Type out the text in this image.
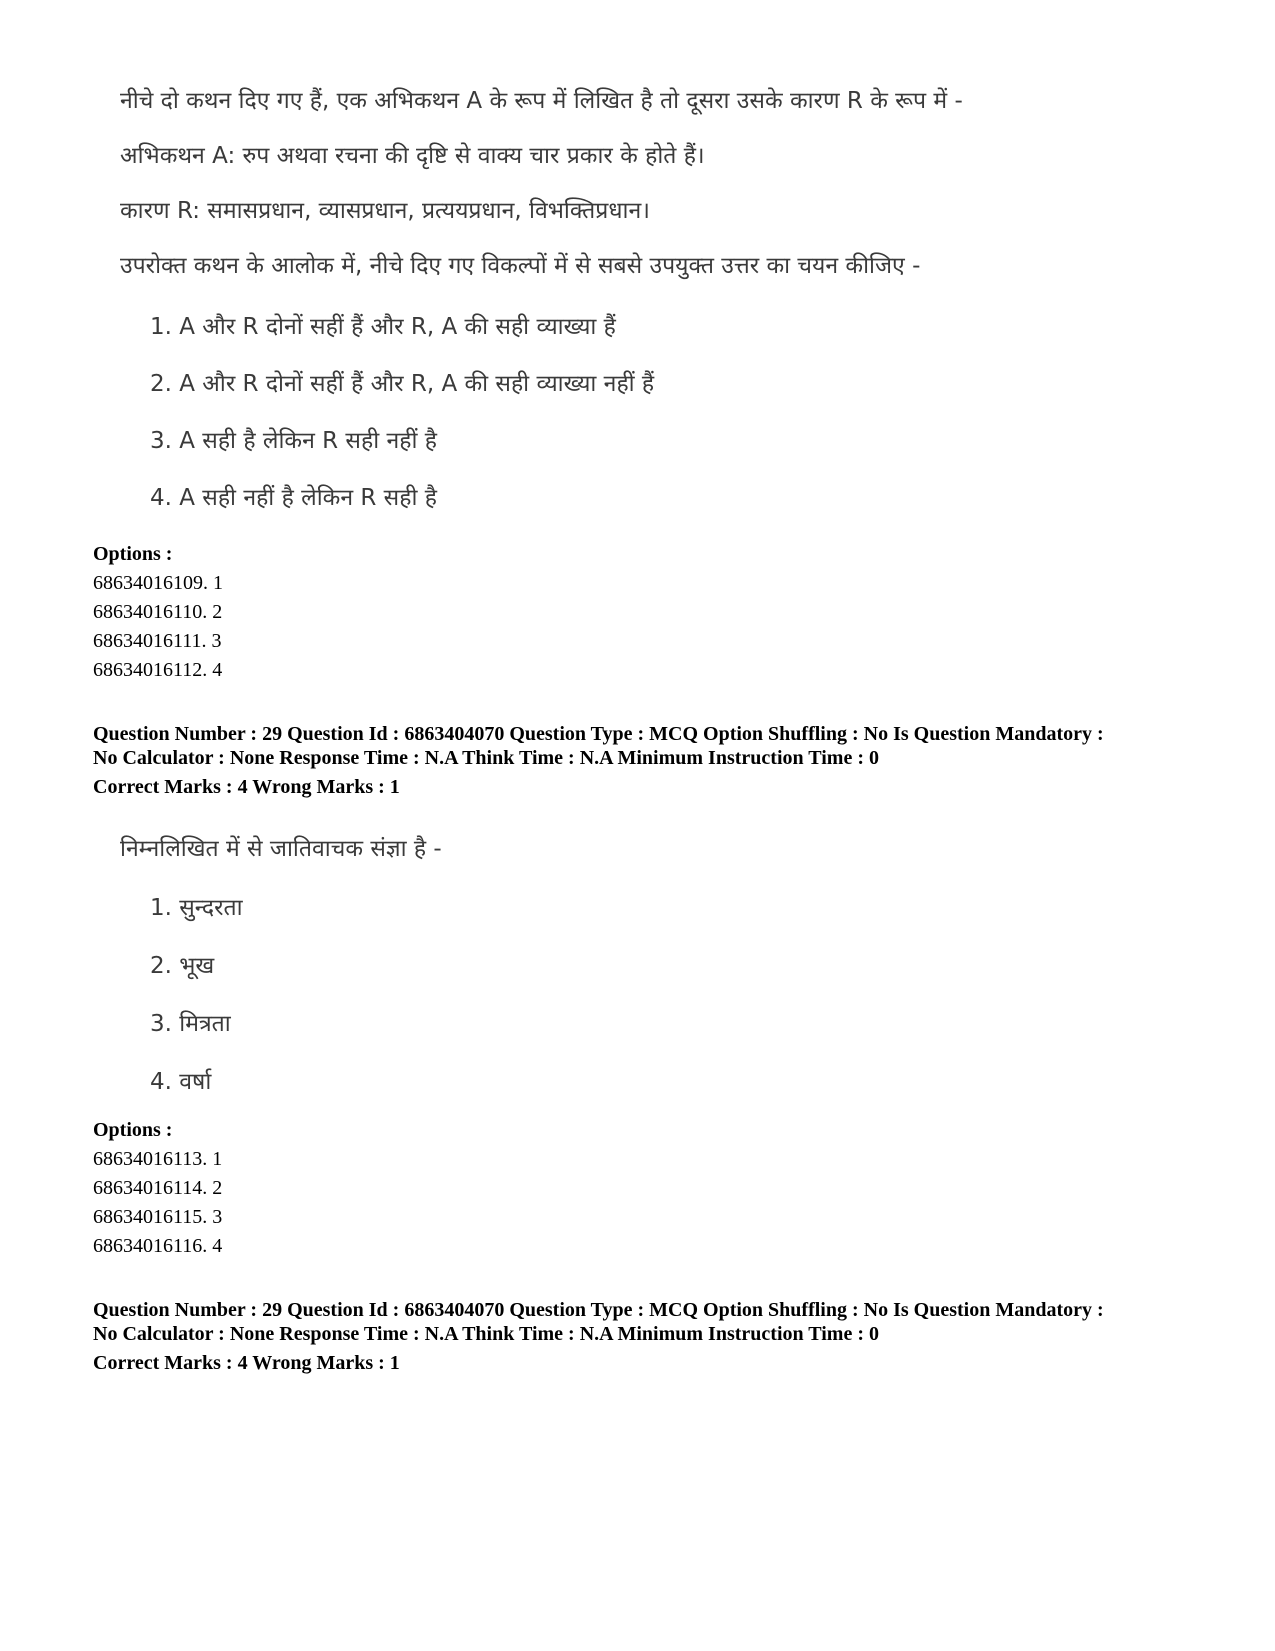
नीचे दो कथन दिए गए हैं, एक अभिकथन A के रूप में लिखित है तो दूसरा उसके कारण R के रूप में -
अभिकथन A: रुप अथवा रचना की दृष्टि से वाक्य चार प्रकार के होते हैं।
कारण R: समासप्रधान, व्यासप्रधान, प्रत्ययप्रधान, विभक्तिप्रधान।
उपरोक्त कथन के आलोक में, नीचे दिए गए विकल्पों में से सबसे उपयुक्त उत्तर का चयन कीजिए -
1. A और R दोनों सहीं हैं और R, A की सही व्याख्या हैं
2. A और R दोनों सहीं हैं और R, A की सही व्याख्या नहीं हैं
3. A सही है लेकिन R सही नहीं है
4. A सही नहीं है लेकिन R सही है
Options :
68634016109. 1
68634016110. 2
68634016111. 3
68634016112. 4
Question Number : 29 Question Id : 6863404070 Question Type : MCQ Option Shuffling : No Is Question Mandatory :
No Calculator : None Response Time : N.A Think Time : N.A Minimum Instruction Time : 0
Correct Marks : 4 Wrong Marks : 1
निम्नलिखित में से जातिवाचक संज्ञा है -
1. सुन्दरता
2. भूख
3. मित्रता
4. वर्षा
Options :
68634016113. 1
68634016114. 2
68634016115. 3
68634016116. 4
Question Number : 29 Question Id : 6863404070 Question Type : MCQ Option Shuffling : No Is Question Mandatory :
No Calculator : None Response Time : N.A Think Time : N.A Minimum Instruction Time : 0
Correct Marks : 4 Wrong Marks : 1
